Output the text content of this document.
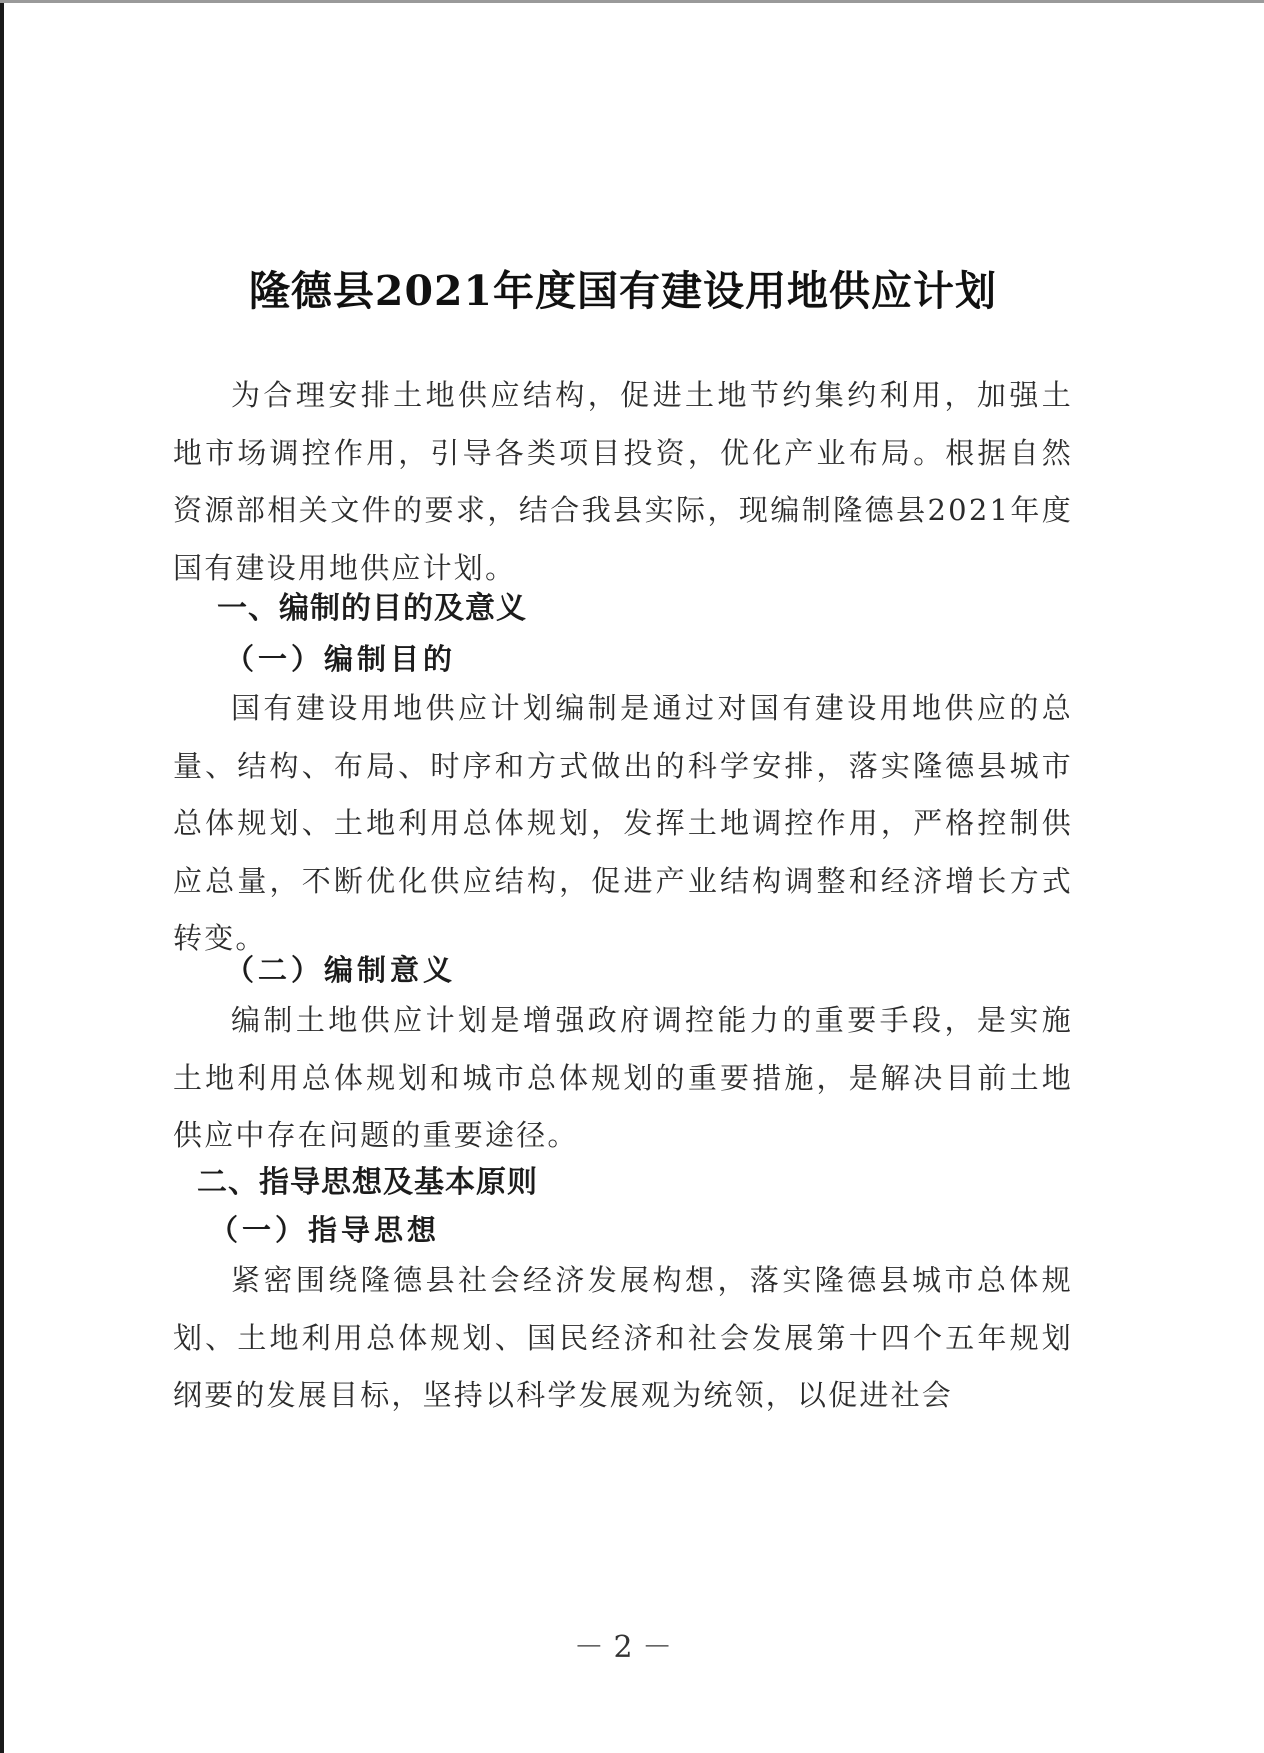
隆德县2021年度国有建设用地供应计划

为合理安排土地供应结构，促进土地节约集约利用，加强土地市场调控作用，引导各类项目投资，优化产业布局。根据自然资源部相关文件的要求，结合我县实际，现编制隆德县2021年度国有建设用地供应计划。

一、编制的目的及意义
（一）编制目的

国有建设用地供应计划编制是通过对国有建设用地供应的总量、结构、布局、时序和方式做出的科学安排，落实隆德县城市总体规划、土地利用总体规划，发挥土地调控作用，严格控制供应总量，不断优化供应结构，促进产业结构调整和经济增长方式转变。

（二）编制意义

编制土地供应计划是增强政府调控能力的重要手段，是实施土地利用总体规划和城市总体规划的重要措施，是解决目前土地供应中存在问题的重要途径。

二、指导思想及基本原则
（一）指导思想

紧密围绕隆德县社会经济发展构想，落实隆德县城市总体规划、土地利用总体规划、国民经济和社会发展第十四个五年规划纲要的发展目标，坚持以科学发展观为统领，以促进社会

－ 2 －
